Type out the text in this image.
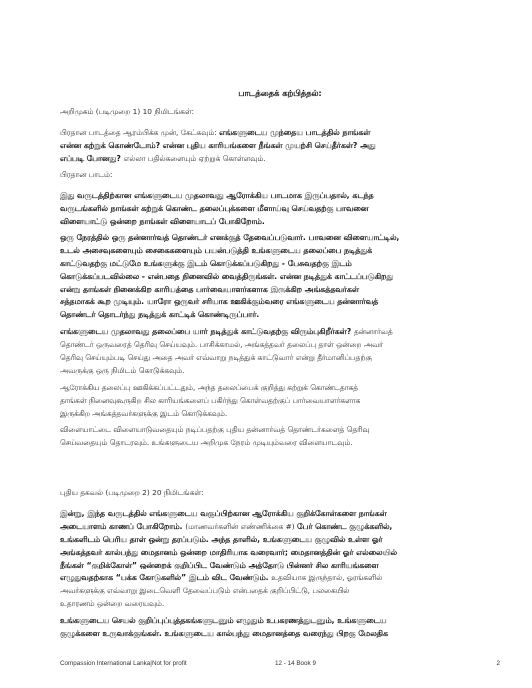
பாடத்தைக் கற்பித்தல்:
அறிமுகம் (படிமுறை 1) 10 நிமிடங்கள்:
பிரதான பாடத்தை ஆரம்பிக்க முன், கேட்கவும்: எங்களுடைய முந்தைய பாடத்தில் நாங்கள்
என்ன கற்றுக் கொண்டோம்? என்ன புதிய காரியங்களை நீங்கள் முயற்சி செய்தீர்கள்? அது
எப்படி போனது? எல்லா பதில்களையும் ஏற்றுக் கொள்ளவும்.
பிரதான பாடம்:
இது வருடத்திற்கான எங்களுடைய முதலாவது ஆரோக்கிய பாடமாக இருப்பதால், கடந்த
வருடங்களில் நாங்கள் கற்றுக் கொண்ட தலைப்புக்களை மீளாய்வு செய்வதற்கு பாவனை
விளையாட்டு ஒன்றை நாங்கள் விளையாடப் போகிறோம்.
ஒரு நேரத்தில் ஒரு தன்னார்வத் தொண்டர் எனக்குத் தேவைப்படுவார். பாவனை விளையாட்டில்,
உடல் அசைவுகளையும் சைகைகளையும் பயன்படுத்தி உங்களுடைய தலைப்பை நடித்துக்
காட்டுவதற்கு மட்டுமே உங்களுக்கு இடம் கொடுக்கப்படுகிறது - பேசுவதற்கு இடம்
கொடுக்கப்படவில்லை - என்பதை நினைவில் வைத்திருங்கள். என்ன நடித்துக் காட்டப்படுகிறது
என்று தாங்கள் நினைக்கிற காரியத்தை பார்வையாளர்களாக இருக்கிற அங்கத்தவர்கள்
சத்தமாகக் கூற முடியும். யாரோ ஒருவர் சரியாக ஊகிக்கும்வரை எங்களுடைய தன்னார்வத்
தொண்டர் தொடர்ந்து நடித்துக் காட்டிக் கொண்டிருப்பார்.
எங்களுடைய முதலாவது தலைப்பை யார் நடித்துக் காட்டுவதற்கு விரும்புகிறீர்கள்? தன்னார்வத்
தொண்டர் ஒருவரைத் தெரிவு செய்யவும். பாசிக்காமல், அங்கத்தவர் தலைப்பு தாள் ஒன்றை அவர்
தெரிவு செய்யும்படி செய்து அதை அவர் எவ்வாறு நடித்துக் காட்டுவார் என்று தீர்மானிப்பதற்கு
அவருக்கு ஒரு நிமிடம் கொடுக்கவும்.
ஆரோக்கிய தலைப்பு ஊகிக்கப்பட்டதும், அந்த தலைப்பைக் குறித்து கற்றுக் கொண்டதாகத்
தாங்கள் நினைவுகூருகிற சில காரியங்களைப் பகிர்ந்து கொள்வதற்குப் பார்வையாளர்களாக
இருக்கிற அங்கத்தவர்களுக்கு இடம் கொடுக்கவும்.
விளையாட்டை விளையாடுவதையும் நடிப்பதற்கு புதிய தன்னார்வத் தொண்டர்களைத் தெரிவு
செய்வதையும் தொடரவும். உங்களுடைய அறிமுக நேரம் முடியும்வரை விளையாடவும்.
புதிய தகவல் (படிமுறை 2) 20 நிமிடங்கள்:
இன்று, இந்த வருடத்தில் எங்களுடைய வகுப்பிற்கான ஆரோக்கிய குறிக்கோள்களை நாங்கள்
அடையாளம் காணப் போகிறோம். (மாணவர்களின் எண்ணிக்கை #) பேர் கொண்ட குழுக்களில்,
உங்களிடம் பெரிய தாள் ஒன்று தரப்படும். அந்த தாளில், உங்களுடைய குழுவில் உள்ள ஓர்
அங்கத்தவர் கால்பந்து மைதானம் ஒன்றை மாதிரியாக வரைவார்; மைதானத்தின் ஓர் எல்லையில்
நீங்கள் “குறிக்கோள்” ஒன்றைக் குறிப்பிட வேண்டும் அத்தோடு பின்னர் சில காரியங்களை
எழுதுவதற்காக “பக்க கோடுகளில்” இடம் விட வேண்டும். உதவியாக இருந்தால், ஓரங்களில்
அவர்களுக்கு எவ்வாறு இடைவெளி தேவைப்படும் என்பதைக் குறிப்பிட்டு, பலகையில்
உதாரணம் ஒன்றை வரையவும்.
உங்களுடைய செயல் குறிப்புப்புத்தகங்களுடனும் எழுதும் உபகரணத்துடனும், உங்களுடைய
குழுக்களை உருவாக்குங்கள். உங்களுடைய கால்பந்து மைதானத்தை வரைந்து பிறகு மேலதிக
Compassion International Lanka|Not for profit	12 - 14 Book 9	2
